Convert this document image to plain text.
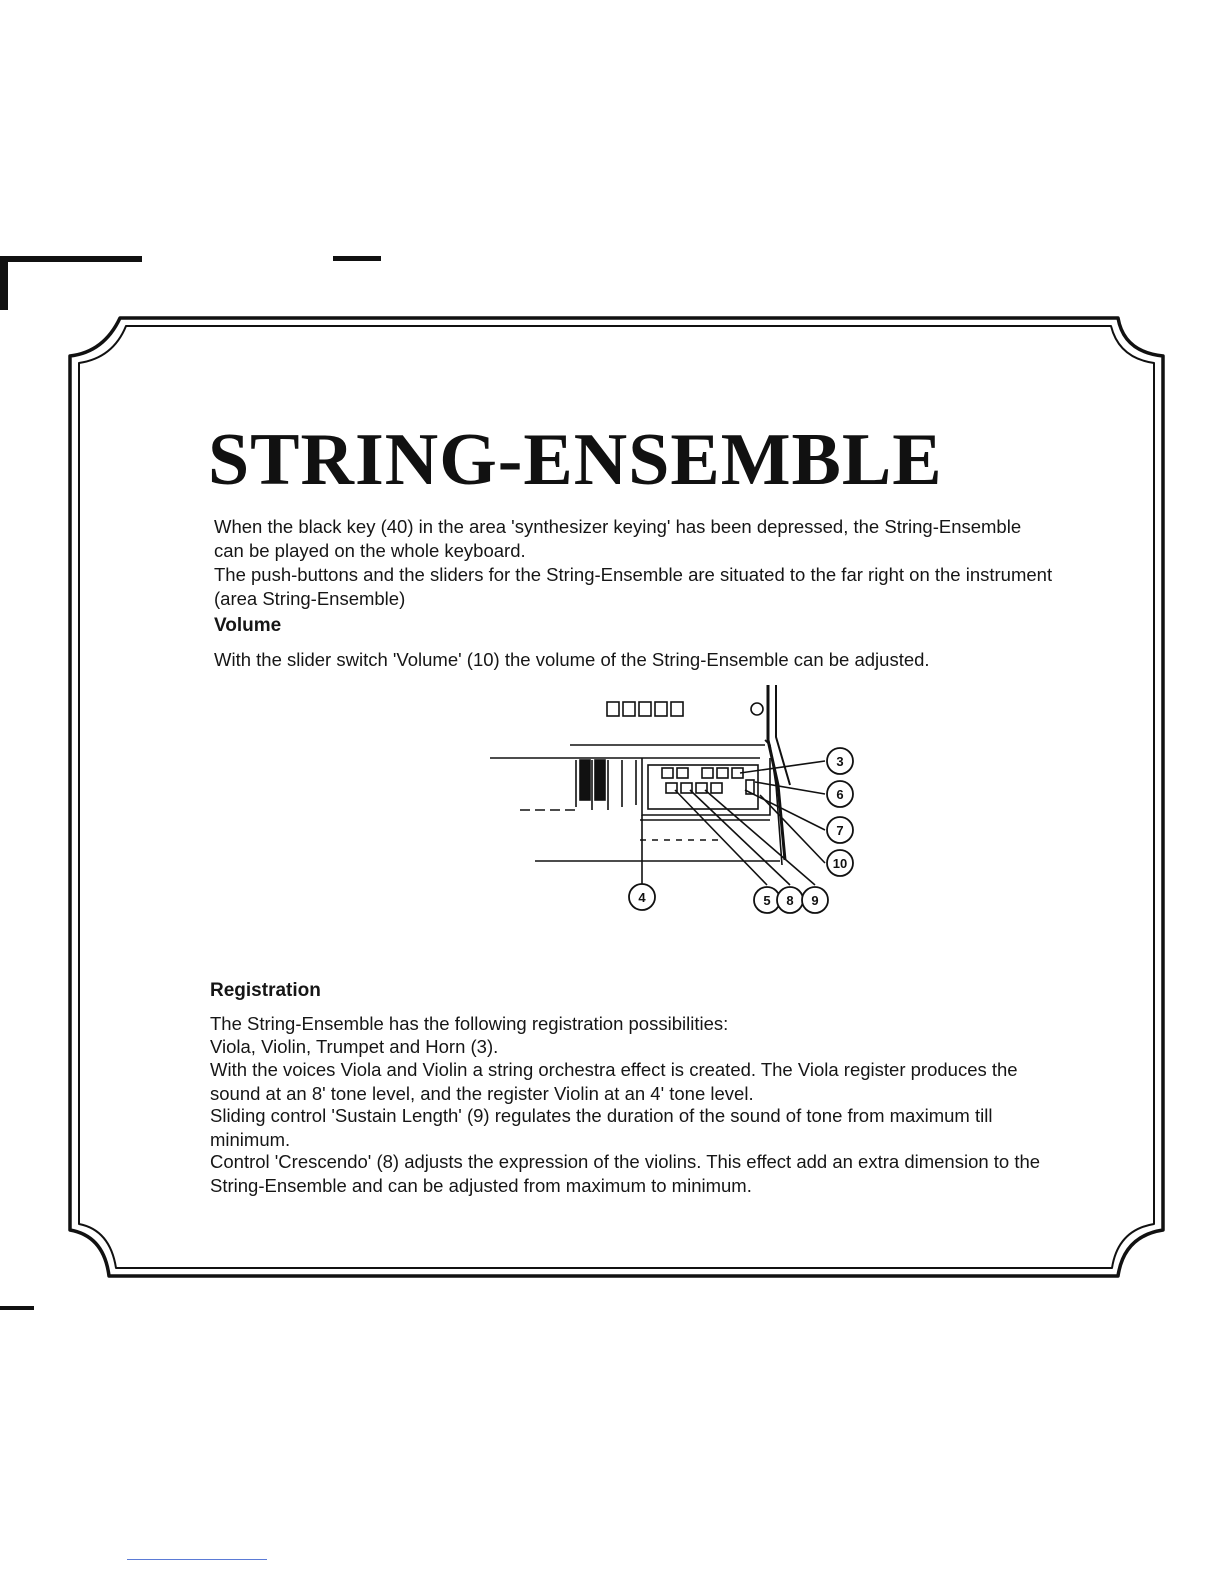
STRING-ENSEMBLE

When the black key (40) in the area 'synthesizer keying' has been depressed, the String-Ensemble can be played on the whole keyboard.

The push-buttons and the sliders for the String-Ensemble are situated to the far right on the instrument (area String-Ensemble)

Volume

With the slider switch 'Volume' (10) the volume of the String-Ensemble can be adjusted.

3
6
7
10
4	5 8 9
Registration

The String-Ensemble has the following registration possibilities:

Viola, Violin, Trumpet and Horn (3).

With the voices Viola and Violin a string orchestra effect is created. The Viola register produces the sound at an 8' tone level, and the register Violin at an 4' tone level.

Sliding control 'Sustain Length' (9) regulates the duration of the sound of tone from maximum till minimum.

Control 'Crescendo' (8) adjusts the expression of the violins. This effect add an extra dimension to the String-Ensemble and can be adjusted from maximum to minimum.
